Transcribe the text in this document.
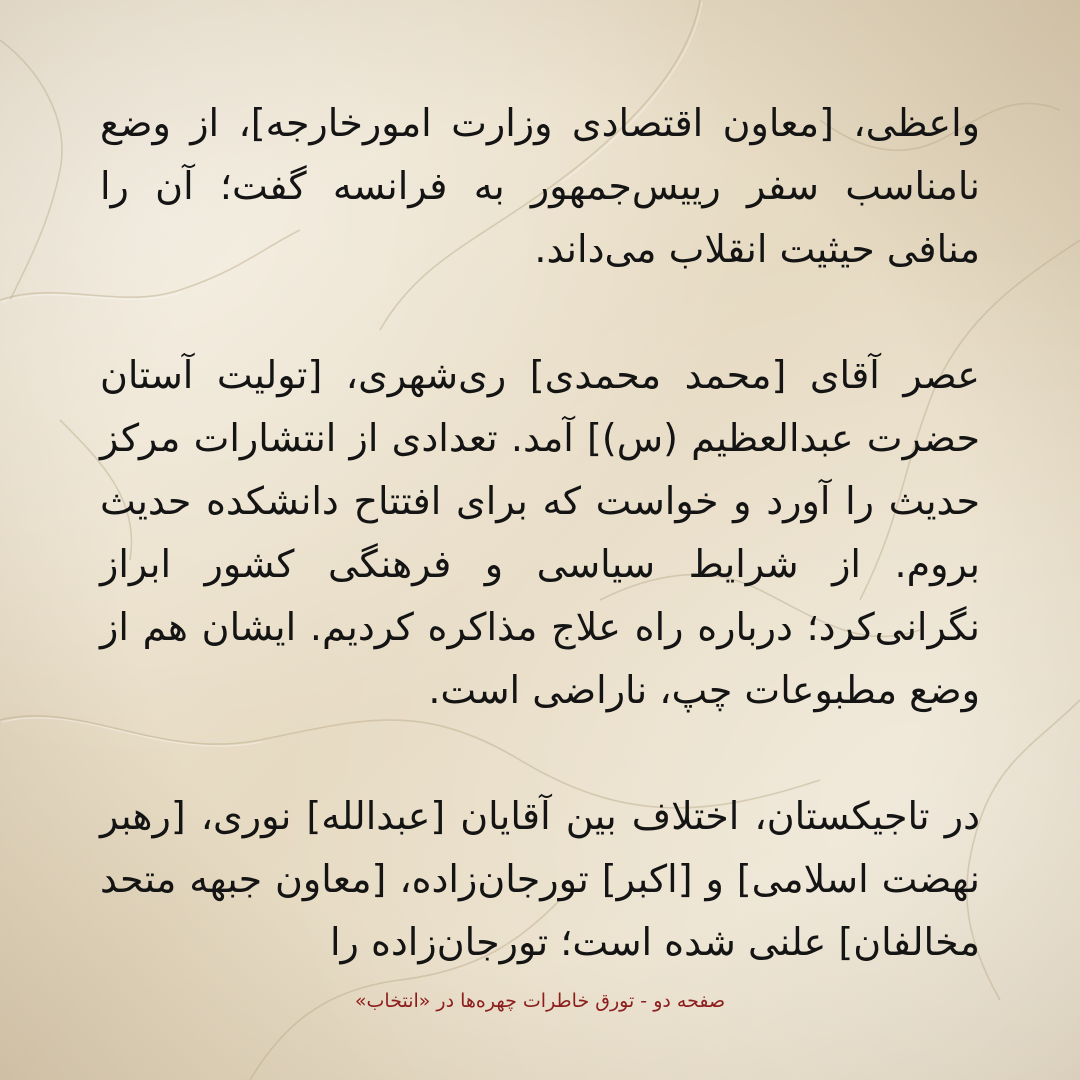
واعظی، [معاون اقتصادی وزارت امورخارجه]، از وضع نامناسب سفر رییس‌جمهور به فرانسه گفت؛ آن را منافی حیثیت انقلاب می‌داند.

عصر آقای [محمد محمدی] ری‌شهری، [تولیت آستان حضرت عبدالعظیم (س)] آمد. تعدادی از انتشارات مرکز حدیث را آورد و خواست که برای افتتاح دانشکده حدیث بروم. از شرایط سیاسی و فرهنگی کشور ابراز نگرانی‌کرد؛ درباره راه علاج مذاکره کردیم. ایشان هم از وضع مطبوعات چپ، ناراضی است.

در تاجیکستان، اختلاف بین آقایان [عبدالله] نوری، [رهبر نهضت اسلامی] و [اکبر] تورجان‌زاده، [معاون جبهه متحد مخالفان] علنی شده است؛ تورجان‌زاده را

صفحه دو - تورق خاطرات چهره‌ها در «انتخاب»
